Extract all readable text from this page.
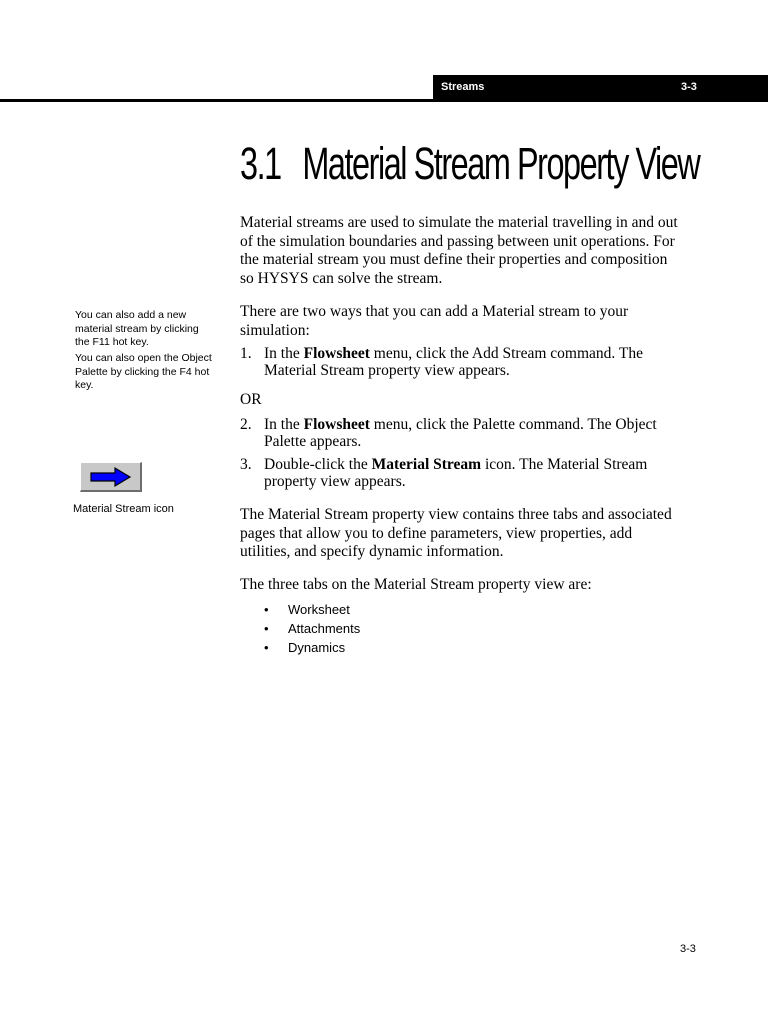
Streams	3-3
3.1 Material Stream Property View

Material streams are used to simulate the material travelling in and out of the simulation boundaries and passing between unit operations. For the material stream you must define their properties and composition so HYSYS can solve the stream.

There are two ways that you can add a Material stream to your simulation:

1. In the Flowsheet menu, click the Add Stream command. The Material Stream property view appears.
OR
2. In the Flowsheet menu, click the Palette command. The Object Palette appears.
3. Double-click the Material Stream icon. The Material Stream property view appears.

The Material Stream property view contains three tabs and associated pages that allow you to define parameters, view properties, add utilities, and specify dynamic information.

The three tabs on the Material Stream property view are:

• Worksheet
• Attachments
• Dynamics

You can also add a new material stream by clicking the F11 hot key.

You can also open the Object Palette by clicking the F4 hot key.

Material Stream icon
3-3
